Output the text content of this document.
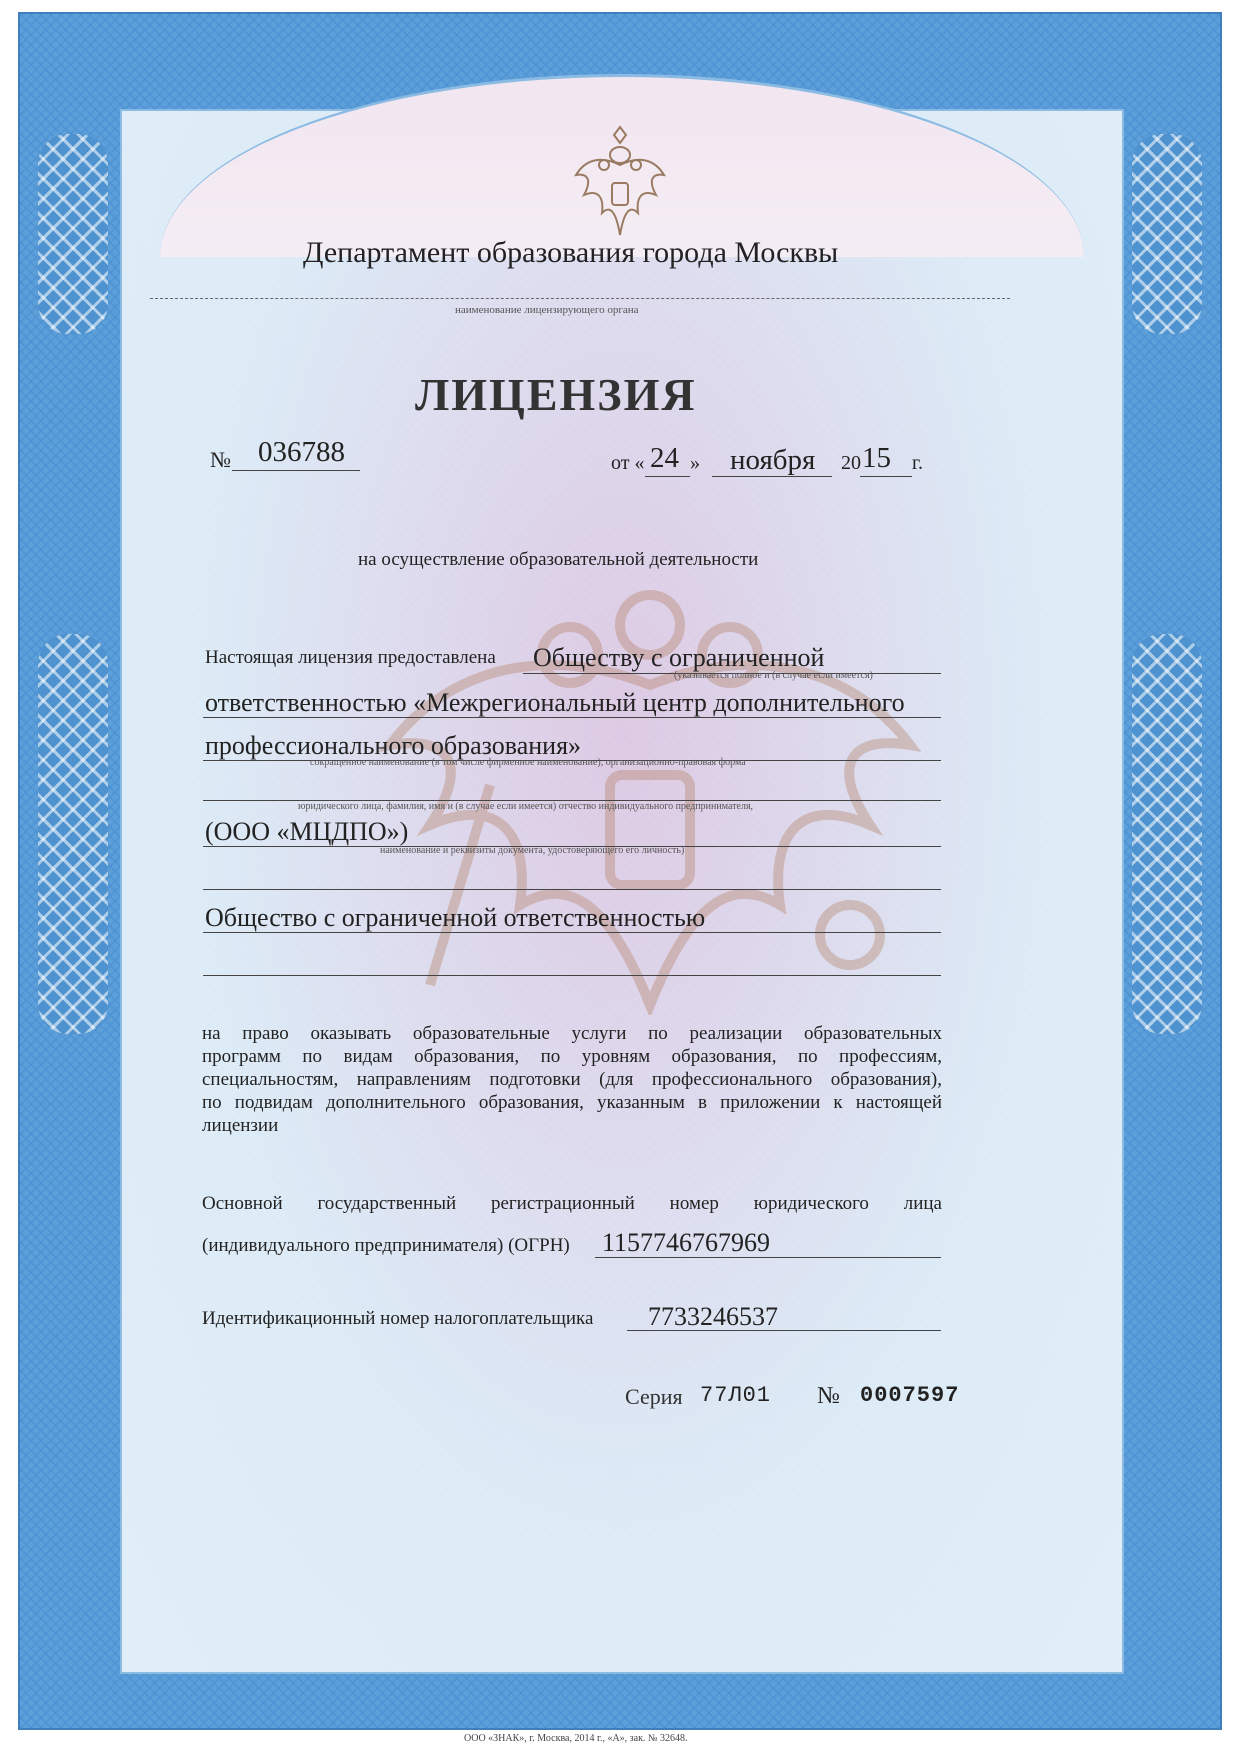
Департамент образования города Москвы
наименование лицензирующего органа
ЛИЦЕНЗИЯ
№ 036788	от « 24 » ноября 20 15 г.
на осуществление образовательной деятельности
Настоящая лицензия предоставлена Обществу с ограниченной
(указывается полное и (в случае если имеется)
ответственностью «Межрегиональный центр дополнительного
профессионального образования»
сокращенное наименование (в том числе фирменное наименование), организационно-правовая форма
юридического лица, фамилия, имя и (в случае если имеется) отчество индивидуального предпринимателя,
(ООО «МЦДПО»)
наименование и реквизиты документа, удостоверяющего его личность)
Общество с ограниченной ответственностью
на право оказывать образовательные услуги по реализации образовательных
программ по видам образования, по уровням образования, по профессиям,
специальностям, направлениям подготовки (для профессионального образования),
по подвидам дополнительного образования, указанным в приложении к настоящей
лицензии
Основной государственный регистрационный номер юридического лица
(индивидуального предпринимателя) (ОГРН) 1157746767969
Идентификационный номер налогоплательщика 7733246537
Серия 77Л01 № 0007597
ООО «ЗНАК», г. Москва, 2014 г., «А», зак. № 32648.
